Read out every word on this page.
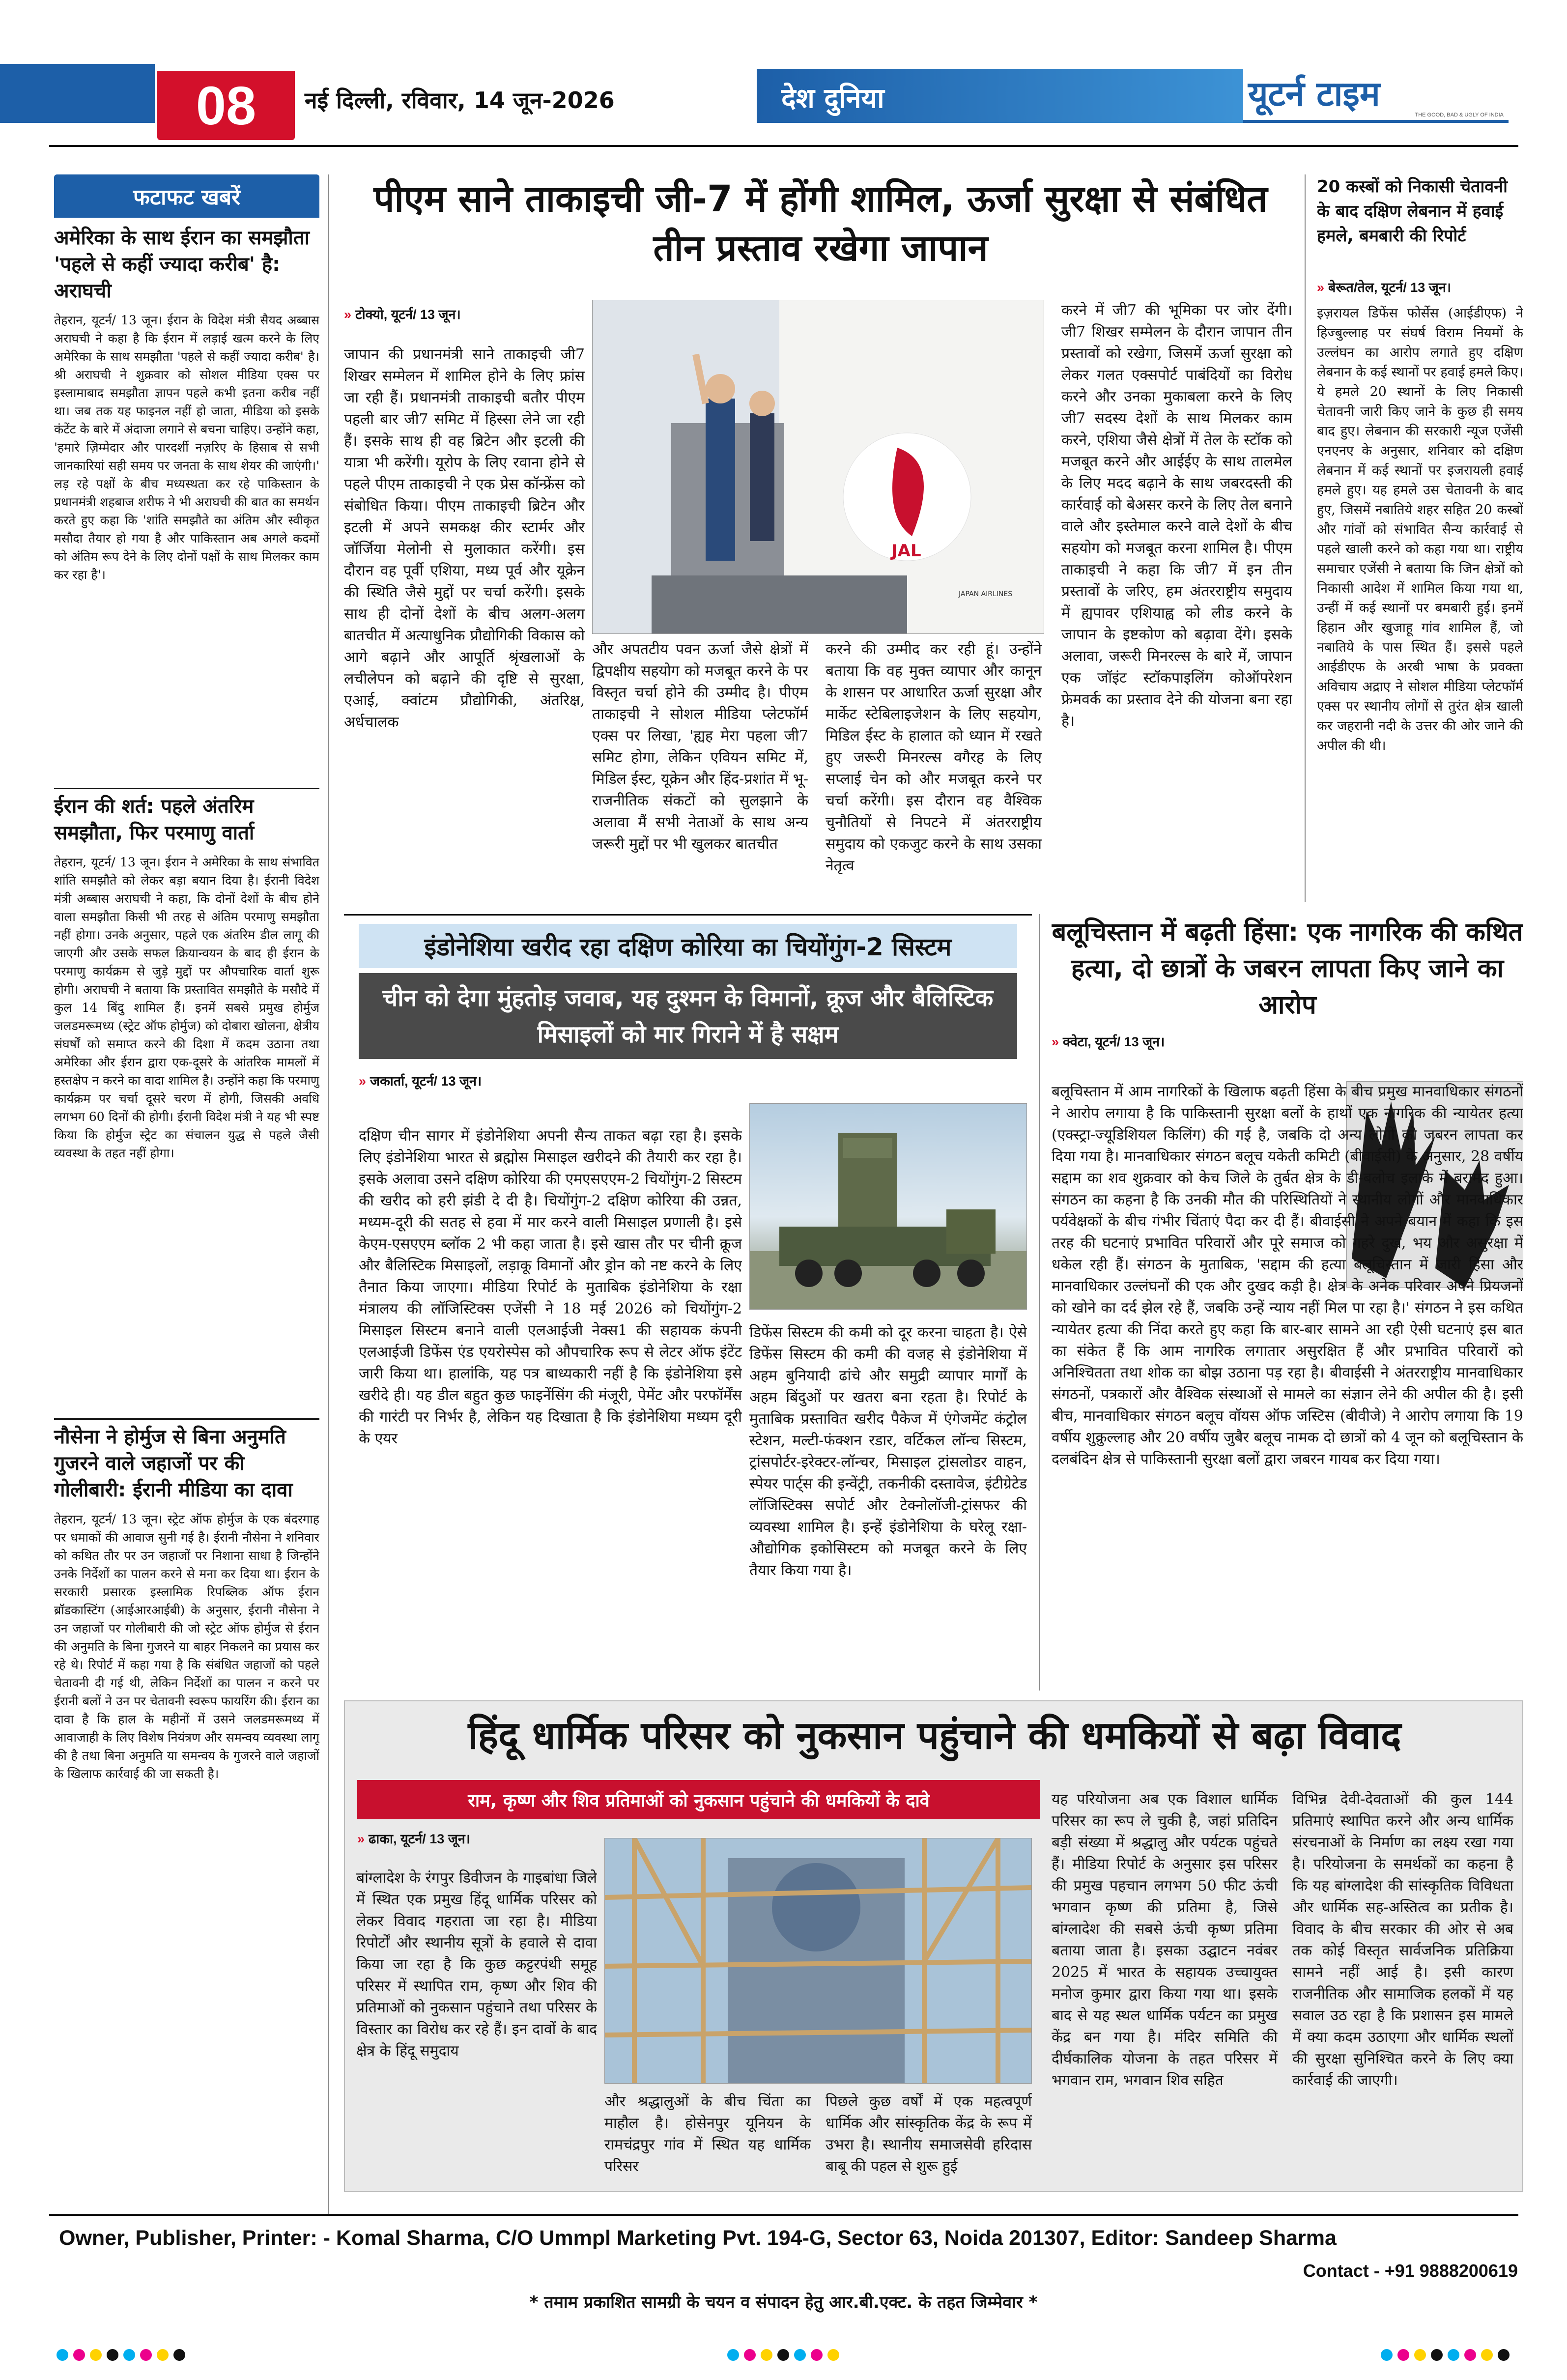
08 नई दिल्ली, रविवार, 14 जून-2026	देश दुनिया	यूटर्न टाइम
THE GOOD, BAD & UGLY OF INDIA
फटाफट खबरें
अमेरिका के साथ ईरान का समझौता 'पहले से कहीं ज्यादा करीब' है: अराघची
तेहरान, यूटर्न/ 13 जून। ईरान के विदेश मंत्री सैयद अब्बास अराघची ने कहा है कि ईरान में लड़ाई खत्म करने के लिए अमेरिका के साथ समझौता 'पहले से कहीं ज्यादा करीब' है। श्री अराघची ने शुक्रवार को सोशल मीडिया एक्स पर इस्लामाबाद समझौता ज्ञापन पहले कभी इतना करीब नहीं था। जब तक यह फाइनल नहीं हो जाता, मीडिया को इसके कंटेंट के बारे में अंदाजा लगाने से बचना चाहिए। उन्होंने कहा, 'हमारे ज़िम्मेदार और पारदर्शी नज़रिए के हिसाब से सभी जानकारियां सही समय पर जनता के साथ शेयर की जाएंगी।' लड़ रहे पक्षों के बीच मध्यस्थता कर रहे पाकिस्तान के प्रधानमंत्री शहबाज शरीफ ने भी अराघची की बात का समर्थन करते हुए कहा कि 'शांति समझौते का अंतिम और स्वीकृत मसौदा तैयार हो गया है और पाकिस्तान अब अगले कदमों को अंतिम रूप देने के लिए दोनों पक्षों के साथ मिलकर काम कर रहा है'।
ईरान की शर्त: पहले अंतरिम समझौता, फिर परमाणु वार्ता
तेहरान, यूटर्न/ 13 जून। ईरान ने अमेरिका के साथ संभावित शांति समझौते को लेकर बड़ा बयान दिया है। ईरानी विदेश मंत्री अब्बास अराघची ने कहा, कि दोनों देशों के बीच होने वाला समझौता किसी भी तरह से अंतिम परमाणु समझौता नहीं होगा। उनके अनुसार, पहले एक अंतरिम डील लागू की जाएगी और उसके सफल क्रियान्वयन के बाद ही ईरान के परमाणु कार्यक्रम से जुड़े मुद्दों पर औपचारिक वार्ता शुरू होगी। अराघची ने बताया कि प्रस्तावित समझौते के मसौदे में कुल 14 बिंदु शामिल हैं। इनमें सबसे प्रमुख होर्मुज जलडमरूमध्य (स्ट्रेट ऑफ होर्मुज) को दोबारा खोलना, क्षेत्रीय संघर्षों को समाप्त करने की दिशा में कदम उठाना तथा अमेरिका और ईरान द्वारा एक-दूसरे के आंतरिक मामलों में हस्तक्षेप न करने का वादा शामिल है। उन्होंने कहा कि परमाणु कार्यक्रम पर चर्चा दूसरे चरण में होगी, जिसकी अवधि लगभग 60 दिनों की होगी। ईरानी विदेश मंत्री ने यह भी स्पष्ट किया कि होर्मुज स्ट्रेट का संचालन युद्ध से पहले जैसी व्यवस्था के तहत नहीं होगा।
नौसेना ने होर्मुज से बिना अनुमति गुजरने वाले जहाजों पर की गोलीबारी: ईरानी मीडिया का दावा
तेहरान, यूटर्न/ 13 जून। स्ट्रेट ऑफ होर्मुज के एक बंदरगाह पर धमाकों की आवाज सुनी गई है। ईरानी नौसेना ने शनिवार को कथित तौर पर उन जहाजों पर निशाना साधा है जिन्होंने उनके निर्देशों का पालन करने से मना कर दिया था। ईरान के सरकारी प्रसारक इस्लामिक रिपब्लिक ऑफ ईरान ब्रॉडकास्टिंग (आईआरआईबी) के अनुसार, ईरानी नौसेना ने उन जहाजों पर गोलीबारी की जो स्ट्रेट ऑफ होर्मुज से ईरान की अनुमति के बिना गुजरने या बाहर निकलने का प्रयास कर रहे थे। रिपोर्ट में कहा गया है कि संबंधित जहाजों को पहले चेतावनी दी गई थी, लेकिन निर्देशों का पालन न करने पर ईरानी बलों ने उन पर चेतावनी स्वरूप फायरिंग की। ईरान का दावा है कि हाल के महीनों में उसने जलडमरूमध्य में आवाजाही के लिए विशेष नियंत्रण और समन्वय व्यवस्था लागू की है तथा बिना अनुमति या समन्वय के गुजरने वाले जहाजों के खिलाफ कार्रवाई की जा सकती है।
पीएम साने ताकाइची जी-7 में होंगी शामिल, ऊर्जा सुरक्षा से संबंधित तीन प्रस्ताव रखेगा जापान
» टोक्यो, यूटर्न/ 13 जून।
JAL
JAPAN AIRLINES
जापान की प्रधानमंत्री साने ताकाइची जी7 शिखर सम्मेलन में शामिल होने के लिए फ्रांस जा रही हैं। प्रधानमंत्री ताकाइची बतौर पीएम पहली बार जी7 समिट में हिस्सा लेने जा रही हैं। इसके साथ ही वह ब्रिटेन और इटली की यात्रा भी करेंगी। यूरोप के लिए रवाना होने से पहले पीएम ताकाइची ने एक प्रेस कॉन्फ्रेंस को संबोधित किया। पीएम ताकाइची ब्रिटेन और इटली में अपने समकक्ष कीर स्टार्मर और जॉर्जिया मेलोनी से मुलाकात करेंगी। इस दौरान वह पूर्वी एशिया, मध्य पूर्व और यूक्रेन की स्थिति जैसे मुद्दों पर चर्चा करेंगी। इसके साथ ही दोनों देशों के बीच अलग-अलग बातचीत में अत्याधुनिक प्रौद्योगिकी विकास को आगे बढ़ाने और आपूर्ति श्रृंखलाओं के लचीलेपन को बढ़ाने की दृष्टि से सुरक्षा, एआई, क्वांटम प्रौद्योगिकी, अंतरिक्ष, अर्धचालक
और अपतटीय पवन ऊर्जा जैसे क्षेत्रों में द्विपक्षीय सहयोग को मजबूत करने के पर विस्तृत चर्चा होने की उम्मीद है। पीएम ताकाइची ने सोशल मीडिया प्लेटफॉर्म एक्स पर लिखा, 'ह्यह मेरा पहला जी7 समिट होगा, लेकिन एवियन समिट में, मिडिल ईस्ट, यूक्रेन और हिंद-प्रशांत में भू-राजनीतिक संकटों को सुलझाने के अलावा मैं सभी नेताओं के साथ अन्य जरूरी मुद्दों पर भी खुलकर बातचीत
करने की उम्मीद कर रही हूं। उन्होंने बताया कि वह मुक्त व्यापार और कानून के शासन पर आधारित ऊर्जा सुरक्षा और मार्केट स्टेबिलाइजेशन के लिए सहयोग, मिडिल ईस्ट के हालात को ध्यान में रखते हुए जरूरी मिनरल्स वगैरह के लिए सप्लाई चेन को और मजबूत करने पर चर्चा करेंगी। इस दौरान वह वैश्विक चुनौतियों से निपटने में अंतरराष्ट्रीय समुदाय को एकजुट करने के साथ उसका नेतृत्व
करने में जी7 की भूमिका पर जोर देंगी। जी7 शिखर सम्मेलन के दौरान जापान तीन प्रस्तावों को रखेगा, जिसमें ऊर्जा सुरक्षा को लेकर गलत एक्सपोर्ट पाबंदियों का विरोध करने और उनका मुकाबला करने के लिए जी7 सदस्य देशों के साथ मिलकर काम करने, एशिया जैसे क्षेत्रों में तेल के स्टॉक को मजबूत करने और आईईए के साथ तालमेल के लिए मदद बढ़ाने के साथ जबरदस्ती की कार्रवाई को बेअसर करने के लिए तेल बनाने वाले और इस्तेमाल करने वाले देशों के बीच सहयोग को मजबूत करना शामिल है। पीएम ताकाइची ने कहा कि जी7 में इन तीन प्रस्तावों के जरिए, हम अंतरराष्ट्रीय समुदाय में ह्यपावर एशियाह्व को लीड करने के जापान के इष्टकोण को बढ़ावा देंगे। इसके अलावा, जरूरी मिनरल्स के बारे में, जापान एक जॉइंट स्टॉकपाइलिंग कोऑपरेशन फ्रेमवर्क का प्रस्ताव देने की योजना बना रहा है।
20 कस्बों को निकासी चेतावनी के बाद दक्षिण लेबनान में हवाई हमले, बमबारी की रिपोर्ट
» बेरूत/तेल, यूटर्न/ 13 जून।
इज़रायल डिफेंस फोर्सेस (आईडीएफ) ने हिज्बुल्लाह पर संघर्ष विराम नियमों के उल्लंघन का आरोप लगाते हुए दक्षिण लेबनान के कई स्थानों पर हवाई हमले किए। ये हमले 20 स्थानों के लिए निकासी चेतावनी जारी किए जाने के कुछ ही समय बाद हुए। लेबनान की सरकारी न्यूज एजेंसी एनएनए के अनुसार, शनिवार को दक्षिण लेबनान में कई स्थानों पर इजरायली हवाई हमले हुए। यह हमले उस चेतावनी के बाद हुए, जिसमें नबातिये शहर सहित 20 कस्बों और गांवों को संभावित सैन्य कार्रवाई से पहले खाली करने को कहा गया था। राष्ट्रीय समाचार एजेंसी ने बताया कि जिन क्षेत्रों को निकासी आदेश में शामिल किया गया था, उन्हीं में कई स्थानों पर बमबारी हुई। इनमें हिहान और खुजाहू गांव शामिल हैं, जो नबातिये के पास स्थित हैं। इससे पहले आईडीएफ के अरबी भाषा के प्रवक्ता अविचाय अद्राए ने सोशल मीडिया प्लेटफॉर्म एक्स पर स्थानीय लोगों से तुरंत क्षेत्र खाली कर जहरानी नदी के उत्तर की ओर जाने की अपील की थी।
इंडोनेशिया खरीद रहा दक्षिण कोरिया का चियोंगुंग-2 सिस्टम
चीन को देगा मुंहतोड़ जवाब, यह दुश्मन के विमानों, क्रूज और बैलिस्टिक मिसाइलों को मार गिराने में है सक्षम
» जकार्ता, यूटर्न/ 13 जून।
दक्षिण चीन सागर में इंडोनेशिया अपनी सैन्य ताकत बढ़ा रहा है। इसके लिए इंडोनेशिया भारत से ब्रह्मोस मिसाइल खरीदने की तैयारी कर रहा है। इसके अलावा उसने दक्षिण कोरिया की एमएसएएम-2 चियोंगुंग-2 सिस्टम की खरीद को हरी झंडी दे दी है। चियोंगुंग-2 दक्षिण कोरिया की उन्नत, मध्यम-दूरी की सतह से हवा में मार करने वाली मिसाइल प्रणाली है। इसे केएम-एसएएम ब्लॉक 2 भी कहा जाता है। इसे खास तौर पर चीनी क्रूज और बैलिस्टिक मिसाइलों, लड़ाकू विमानों और ड्रोन को नष्ट करने के लिए तैनात किया जाएगा। मीडिया रिपोर्ट के मुताबिक इंडोनेशिया के रक्षा मंत्रालय की लॉजिस्टिक्स एजेंसी ने 18 मई 2026 को चियोंगुंग-2 मिसाइल सिस्टम बनाने वाली एलआईजी नेक्स1 की सहायक कंपनी एलआईजी डिफेंस एंड एयरोस्पेस को औपचारिक रूप से लेटर ऑफ इंटेंट जारी किया था। हालांकि, यह पत्र बाध्यकारी नहीं है कि इंडोनेशिया इसे खरीदे ही। यह डील बहुत कुछ फाइनेंसिंग की मंजूरी, पेमेंट और परफॉर्मेंस की गारंटी पर निर्भर है, लेकिन यह दिखाता है कि इंडोनेशिया मध्यम दूरी के एयर
डिफेंस सिस्टम की कमी को दूर करना चाहता है। ऐसे डिफेंस सिस्टम की कमी की वजह से इंडोनेशिया में अहम बुनियादी ढांचे और समुद्री व्यापार मार्गों के अहम बिंदुओं पर खतरा बना रहता है। रिपोर्ट के मुताबिक प्रस्तावित खरीद पैकेज में एंगेजमेंट कंट्रोल स्टेशन, मल्टी-फंक्शन रडार, वर्टिकल लॉन्च सिस्टम, ट्रांसपोर्टर-इरेक्टर-लॉन्चर, मिसाइल ट्रांसलोडर वाहन, स्पेयर पार्ट्स की इन्वेंट्री, तकनीकी दस्तावेज, इंटीग्रेटेड लॉजिस्टिक्स सपोर्ट और टेक्नोलॉजी-ट्रांसफर की व्यवस्था शामिल है। इन्हें इंडोनेशिया के घरेलू रक्षा-औद्योगिक इकोसिस्टम को मजबूत करने के लिए तैयार किया गया है।
बलूचिस्तान में बढ़ती हिंसा: एक नागरिक की कथित हत्या, दो छात्रों के जबरन लापता किए जाने का आरोप
» क्वेटा, यूटर्न/ 13 जून।
बलूचिस्तान में आम नागरिकों के खिलाफ बढ़ती हिंसा के बीच प्रमुख मानवाधिकार संगठनों ने आरोप लगाया है कि पाकिस्तानी सुरक्षा बलों के हाथों एक नागरिक की न्यायेतर हत्या (एक्स्ट्रा-ज्यूडिशियल किलिंग) की गई है, जबकि दो अन्य लोगों को जबरन लापता कर दिया गया है। मानवाधिकार संगठन बलूच यकेती कमिटी (बीवाईसी) के अनुसार, 28 वर्षीय सद्दाम का शव शुक्रवार को केच जिले के तुर्बत क्षेत्र के डी-बलोच इलाके में बरामद हुआ। संगठन का कहना है कि उनकी मौत की परिस्थितियों ने स्थानीय लोगों और मानवाधिकार पर्यवेक्षकों के बीच गंभीर चिंताएं पैदा कर दी हैं। बीवाईसी ने अपने बयान में कहा कि इस तरह की घटनाएं प्रभावित परिवारों और पूरे समाज को गहरे दुख, भय और असुरक्षा में धकेल रही हैं। संगठन के मुताबिक, 'सद्दाम की हत्या बलूचिस्तान में जारी हिंसा और मानवाधिकार उल्लंघनों की एक और दुखद कड़ी है। क्षेत्र के अनेक परिवार अपने प्रियजनों को खोने का दर्द झेल रहे हैं, जबकि उन्हें न्याय नहीं मिल पा रहा है।' संगठन ने इस कथित न्यायेतर हत्या की निंदा करते हुए कहा कि बार-बार सामने आ रही ऐसी घटनाएं इस बात का संकेत हैं कि आम नागरिक लगातार असुरक्षित हैं और प्रभावित परिवारों को अनिश्चितता तथा शोक का बोझ उठाना पड़ रहा है। बीवाईसी ने अंतरराष्ट्रीय मानवाधिकार संगठनों, पत्रकारों और वैश्विक संस्थाओं से मामले का संज्ञान लेने की अपील की है। इसी बीच, मानवाधिकार संगठन बलूच वॉयस ऑफ जस्टिस (बीवीजे) ने आरोप लगाया कि 19 वर्षीय शुक्रुल्लाह और 20 वर्षीय जुबैर बलूच नामक दो छात्रों को 4 जून को बलूचिस्तान के दलबंदिन क्षेत्र से पाकिस्तानी सुरक्षा बलों द्वारा जबरन गायब कर दिया गया।
हिंदू धार्मिक परिसर को नुकसान पहुंचाने की धमकियों से बढ़ा विवाद
राम, कृष्ण और शिव प्रतिमाओं को नुकसान पहुंचाने की धमकियों के दावे
» ढाका, यूटर्न/ 13 जून।
बांग्लादेश के रंगपुर डिवीजन के गाइबांधा जिले में स्थित एक प्रमुख हिंदू धार्मिक परिसर को लेकर विवाद गहराता जा रहा है। मीडिया रिपोर्टों और स्थानीय सूत्रों के हवाले से दावा किया जा रहा है कि कुछ कट्टरपंथी समूह परिसर में स्थापित राम, कृष्ण और शिव की प्रतिमाओं को नुकसान पहुंचाने तथा परिसर के विस्तार का विरोध कर रहे हैं। इन दावों के बाद क्षेत्र के हिंदू समुदाय
और श्रद्धालुओं के बीच चिंता का माहौल है। होसेनपुर यूनियन के रामचंद्रपुर गांव में स्थित यह धार्मिक परिसर
पिछले कुछ वर्षों में एक महत्वपूर्ण धार्मिक और सांस्कृतिक केंद्र के रूप में उभरा है। स्थानीय समाजसेवी हरिदास बाबू की पहल से शुरू हुई
यह परियोजना अब एक विशाल धार्मिक परिसर का रूप ले चुकी है, जहां प्रतिदिन बड़ी संख्या में श्रद्धालु और पर्यटक पहुंचते हैं। मीडिया रिपोर्ट के अनुसार इस परिसर की प्रमुख पहचान लगभग 50 फीट ऊंची भगवान कृष्ण की प्रतिमा है, जिसे बांग्लादेश की सबसे ऊंची कृष्ण प्रतिमा बताया जाता है। इसका उद्घाटन नवंबर 2025 में भारत के सहायक उच्चायुक्त मनोज कुमार द्वारा किया गया था। इसके बाद से यह स्थल धार्मिक पर्यटन का प्रमुख केंद्र बन गया है। मंदिर समिति की दीर्घकालिक योजना के तहत परिसर में भगवान राम, भगवान शिव सहित
विभिन्न देवी-देवताओं की कुल 144 प्रतिमाएं स्थापित करने और अन्य धार्मिक संरचनाओं के निर्माण का लक्ष्य रखा गया है। परियोजना के समर्थकों का कहना है कि यह बांग्लादेश की सांस्कृतिक विविधता और धार्मिक सह-अस्तित्व का प्रतीक है। विवाद के बीच सरकार की ओर से अब तक कोई विस्तृत सार्वजनिक प्रतिक्रिया सामने नहीं आई है। इसी कारण राजनीतिक और सामाजिक हलकों में यह सवाल उठ रहा है कि प्रशासन इस मामले में क्या कदम उठाएगा और धार्मिक स्थलों की सुरक्षा सुनिश्चित करने के लिए क्या कार्रवाई की जाएगी।
Owner, Publisher, Printer: - Komal Sharma, C/O Ummpl Marketing Pvt. 194-G, Sector 63, Noida 201307, Editor: Sandeep Sharma
Contact - +91 9888200619
* तमाम प्रकाशित सामग्री के चयन व संपादन हेतु आर.बी.एक्ट. के तहत जिम्मेवार *
